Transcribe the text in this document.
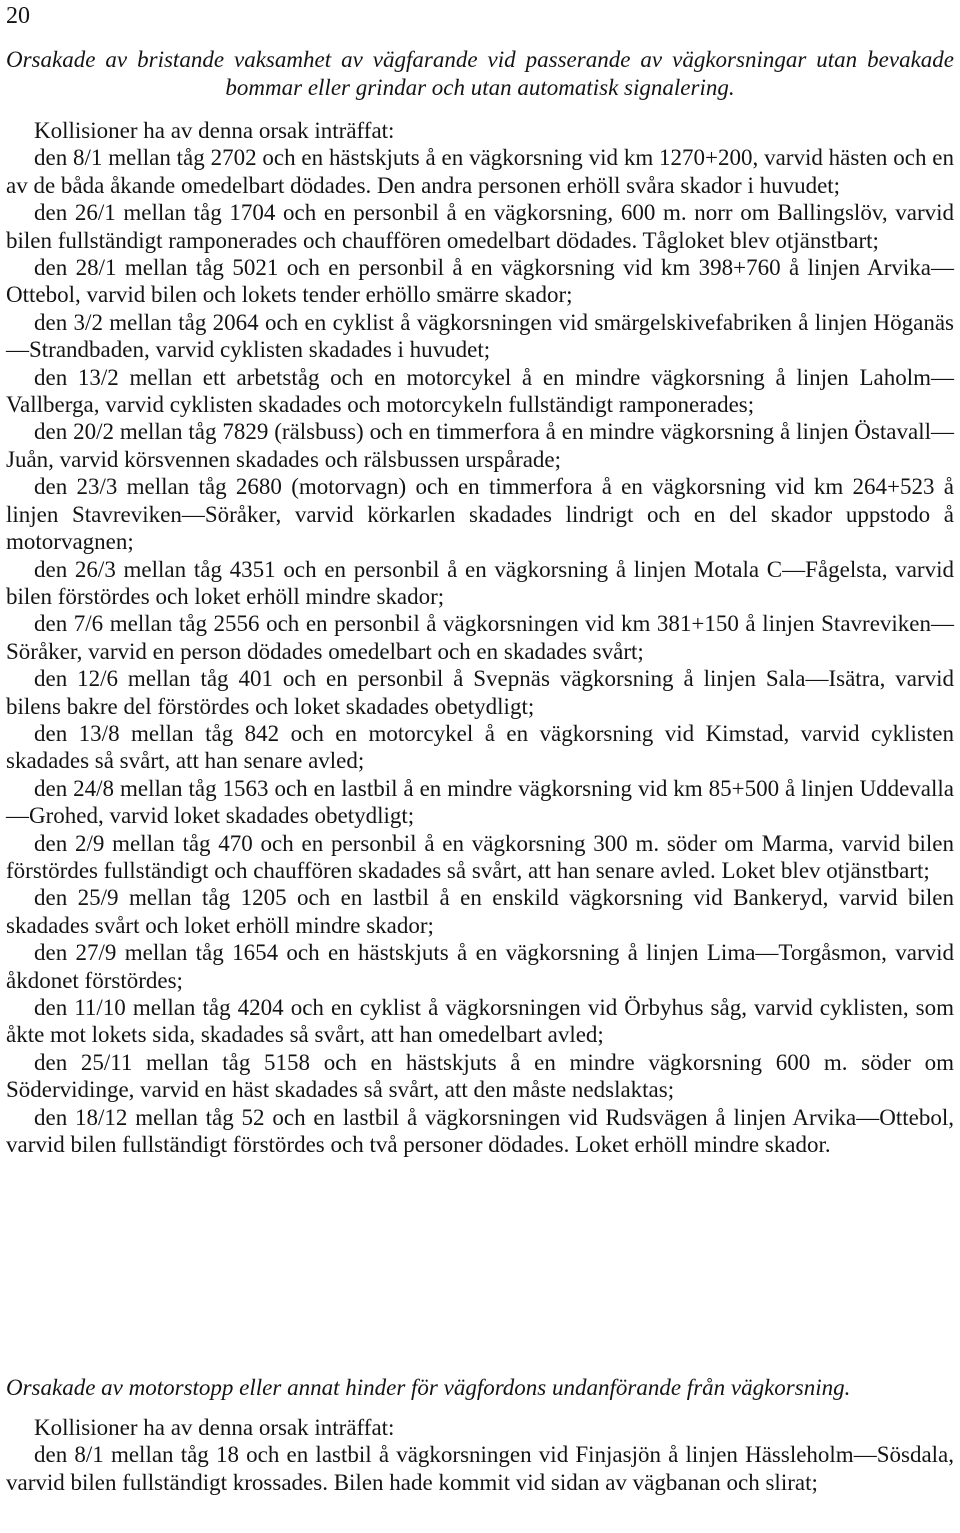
20
Orsakade av bristande vaksamhet av vägfarande vid passerande av vägkorsningar utan bevakade bommar eller grindar och utan automatisk signalering.
Kollisioner ha av denna orsak inträffat:
den 8/1 mellan tåg 2702 och en hästskjuts å en vägkorsning vid km 1270+200, varvid hästen och en av de båda åkande omedelbart dödades. Den andra personen erhöll svåra skador i huvudet;
den 26/1 mellan tåg 1704 och en personbil å en vägkorsning, 600 m. norr om Ballingslöv, varvid bilen fullständigt ramponerades och chauffören omedelbart dödades. Tågloket blev otjänstbart;
den 28/1 mellan tåg 5021 och en personbil å en vägkorsning vid km 398+760 å linjen Arvika—Ottebol, varvid bilen och lokets tender erhöllo smärre skador;
den 3/2 mellan tåg 2064 och en cyklist å vägkorsningen vid smärgelskivefabriken å linjen Höganäs—Strandbaden, varvid cyklisten skadades i huvudet;
den 13/2 mellan ett arbetståg och en motorcykel å en mindre vägkorsning å linjen Laholm—Vallberga, varvid cyklisten skadades och motorcykeln fullständigt ramponerades;
den 20/2 mellan tåg 7829 (rälsbuss) och en timmerfora å en mindre vägkorsning å linjen Östavall—Juån, varvid körsvennen skadades och rälsbussen urspårade;
den 23/3 mellan tåg 2680 (motorvagn) och en timmerfora å en vägkorsning vid km 264+523 å linjen Stavreviken—Söråker, varvid körkarlen skadades lindrigt och en del skador uppstodo å motorvagnen;
den 26/3 mellan tåg 4351 och en personbil å en vägkorsning å linjen Motala C—Fågelsta, varvid bilen förstördes och loket erhöll mindre skador;
den 7/6 mellan tåg 2556 och en personbil å vägkorsningen vid km 381+150 å linjen Stavreviken—Söråker, varvid en person dödades omedelbart och en skadades svårt;
den 12/6 mellan tåg 401 och en personbil å Svepnäs vägkorsning å linjen Sala—Isätra, varvid bilens bakre del förstördes och loket skadades obetydligt;
den 13/8 mellan tåg 842 och en motorcykel å en vägkorsning vid Kimstad, varvid cyklisten skadades så svårt, att han senare avled;
den 24/8 mellan tåg 1563 och en lastbil å en mindre vägkorsning vid km 85+500 å linjen Uddevalla—Grohed, varvid loket skadades obetydligt;
den 2/9 mellan tåg 470 och en personbil å en vägkorsning 300 m. söder om Marma, varvid bilen förstördes fullständigt och chauffören skadades så svårt, att han senare avled. Loket blev otjänstbart;
den 25/9 mellan tåg 1205 och en lastbil å en enskild vägkorsning vid Bankeryd, varvid bilen skadades svårt och loket erhöll mindre skador;
den 27/9 mellan tåg 1654 och en hästskjuts å en vägkorsning å linjen Lima—Torgåsmon, varvid åkdonet förstördes;
den 11/10 mellan tåg 4204 och en cyklist å vägkorsningen vid Örbyhus såg, varvid cyklisten, som åkte mot lokets sida, skadades så svårt, att han omedelbart avled;
den 25/11 mellan tåg 5158 och en hästskjuts å en mindre vägkorsning 600 m. söder om Södervidinge, varvid en häst skadades så svårt, att den måste nedslaktas;
den 18/12 mellan tåg 52 och en lastbil å vägkorsningen vid Rudsvägen å linjen Arvika—Ottebol, varvid bilen fullständigt förstördes och två personer dödades. Loket erhöll mindre skador.
Orsakade av motorstopp eller annat hinder för vägfordons undanförande från vägkorsning.
Kollisioner ha av denna orsak inträffat:
den 8/1 mellan tåg 18 och en lastbil å vägkorsningen vid Finjasjön å linjen Hässleholm—Sösdala, varvid bilen fullständigt krossades. Bilen hade kommit vid sidan av vägbanan och slirat;
